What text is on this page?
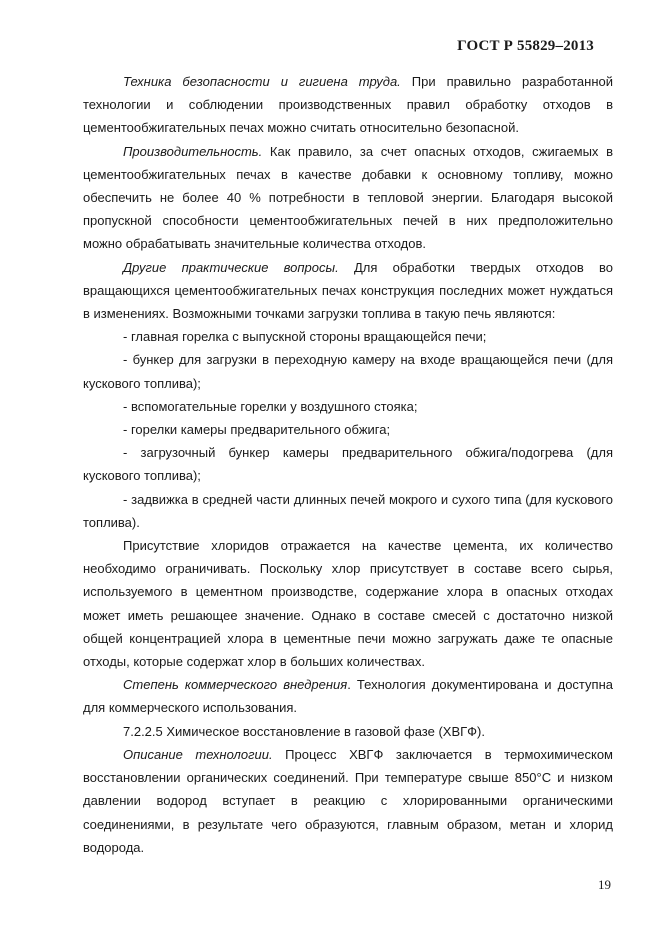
ГОСТ Р 55829–2013

Техника безопасности и гигиена труда. При правильно разработанной технологии и соблюдении производственных правил обработку отходов в цементообжигательных печах можно считать относительно безопасной.

Производительность. Как правило, за счет опасных отходов, сжигаемых в цементообжигательных печах в качестве добавки к основному топливу, можно обеспечить не более 40 % потребности в тепловой энергии. Благодаря высокой пропускной способности цементообжигательных печей в них предположительно можно обрабатывать значительные количества отходов.

Другие практические вопросы. Для обработки твердых отходов во вращающихся цементообжигательных печах конструкция последних может нуждаться в изменениях. Возможными точками загрузки топлива в такую печь являются:

- главная горелка с выпускной стороны вращающейся печи;

- бункер для загрузки в переходную камеру на входе вращающейся печи (для кускового топлива);

- вспомогательные горелки у воздушного стояка;

- горелки камеры предварительного обжига;

- загрузочный бункер камеры предварительного обжига/подогрева (для кускового топлива);

- задвижка в средней части длинных печей мокрого и сухого типа (для кускового топлива).

Присутствие хлоридов отражается на качестве цемента, их количество необходимо ограничивать. Поскольку хлор присутствует в составе всего сырья, используемого в цементном производстве, содержание хлора в опасных отходах может иметь решающее значение. Однако в составе смесей с достаточно низкой общей концентрацией хлора в цементные печи можно загружать даже те опасные отходы, которые содержат хлор в больших количествах.

Степень коммерческого внедрения. Технология документирована и доступна для коммерческого использования.

7.2.2.5 Химическое восстановление в газовой фазе (ХВГФ).

Описание технологии. Процесс ХВГФ заключается в термохимическом восстановлении органических соединений. При температуре свыше 850°С и низком давлении водород вступает в реакцию с хлорированными органическими соединениями, в результате чего образуются, главным образом, метан и хлорид водорода.

19
